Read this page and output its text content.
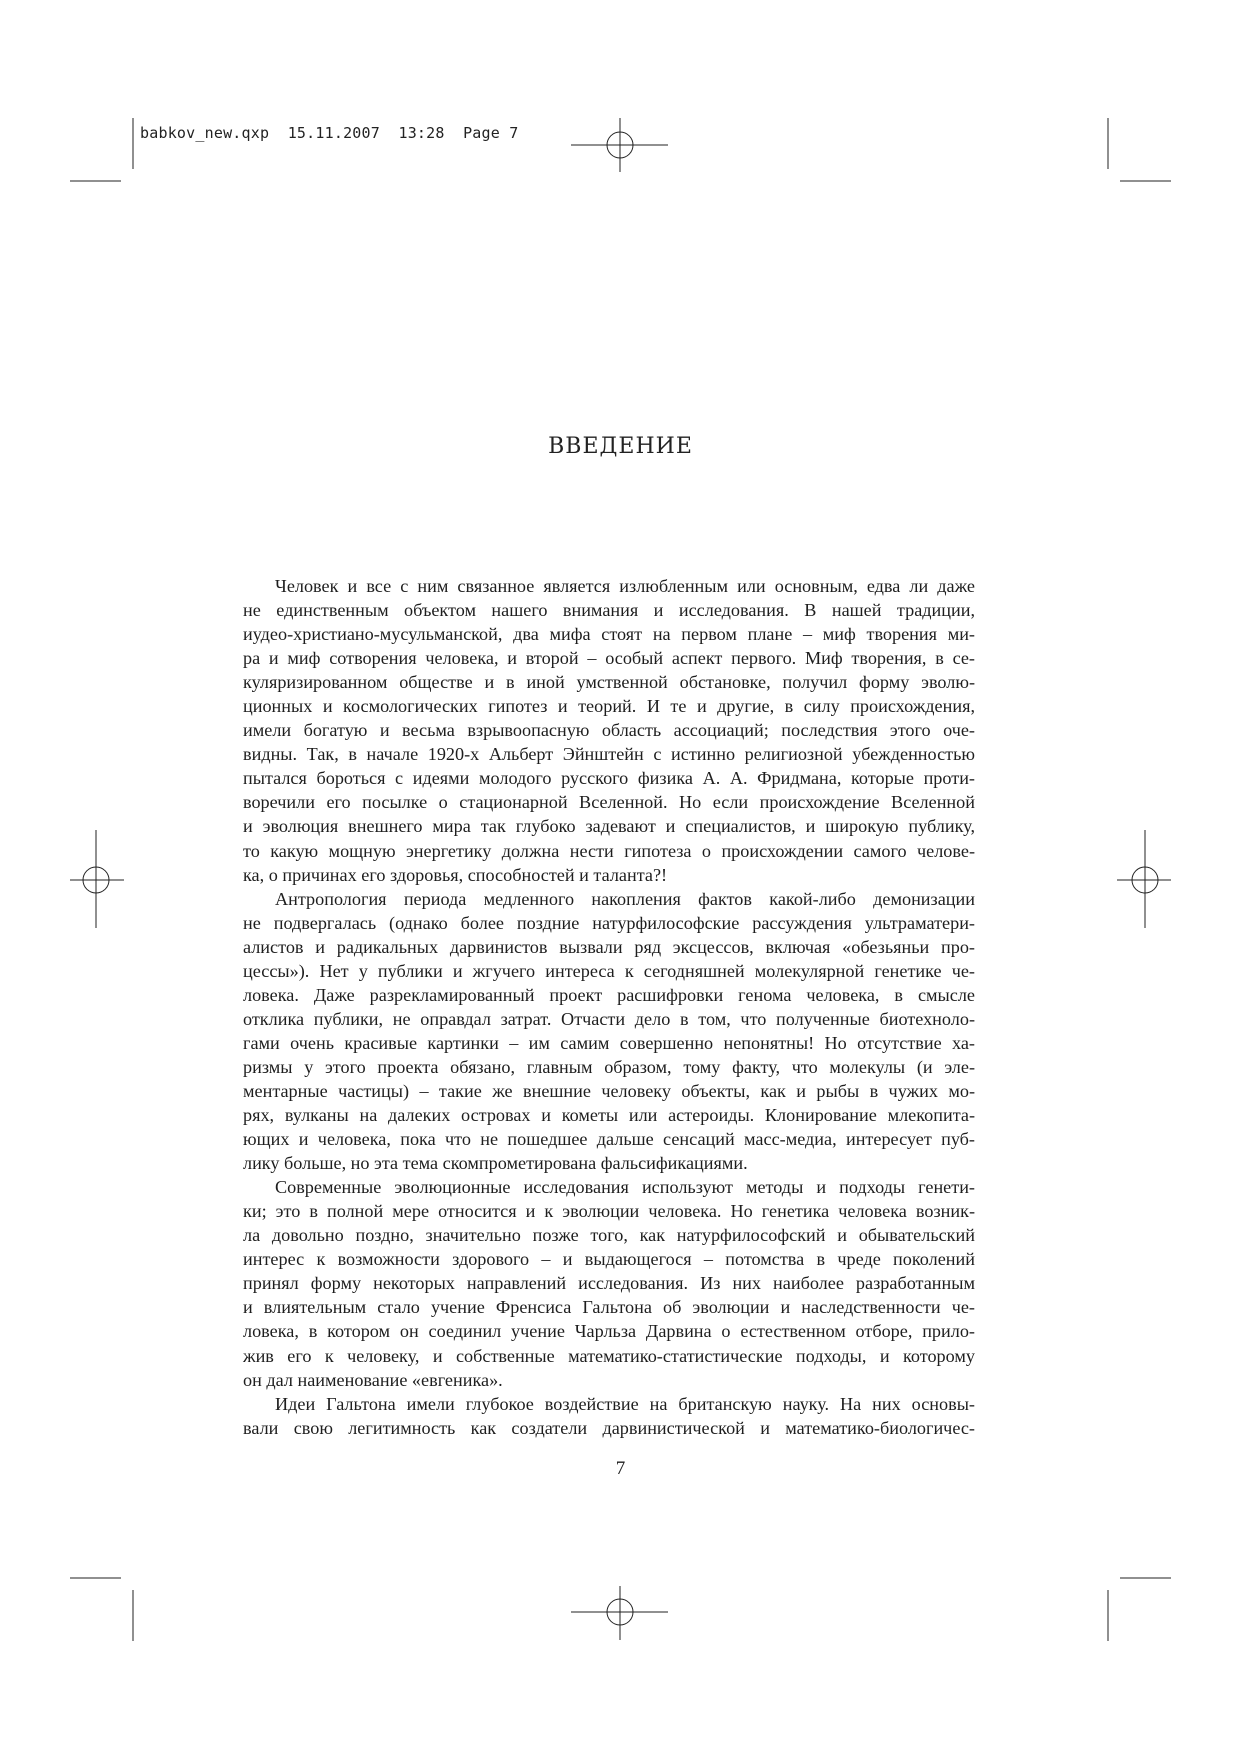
babkov_new.qxp  15.11.2007  13:28  Page 7
ВВЕДЕНИЕ
Человек и все с ним связанное является излюбленным или основным, едва ли даже
не единственным объектом нашего внимания и исследования. В нашей традиции,
иудео-христиано-мусульманской, два мифа стоят на первом плане – миф творения ми-
ра и миф сотворения человека, и второй – особый аспект первого. Миф творения, в се-
куляризированном обществе и в иной умственной обстановке, получил форму эволю-
ционных и космологических гипотез и теорий. И те и другие, в силу происхождения,
имели богатую и весьма взрывоопасную область ассоциаций; последствия этого оче-
видны. Так, в начале 1920-х Альберт Эйнштейн с истинно религиозной убежденностью
пытался бороться с идеями молодого русского физика А. А. Фридмана, которые проти-
воречили его посылке о стационарной Вселенной. Но если происхождение Вселенной
и эволюция внешнего мира так глубоко задевают и специалистов, и широкую публику,
то какую мощную энергетику должна нести гипотеза о происхождении самого челове-
ка, о причинах его здоровья, способностей и таланта?!
Антропология периода медленного накопления фактов какой-либо демонизации
не подвергалась (однако более поздние натурфилософские рассуждения ультраматери-
алистов и радикальных дарвинистов вызвали ряд эксцессов, включая «обезьяньи про-
цессы»). Нет у публики и жгучего интереса к сегодняшней молекулярной генетике че-
ловека. Даже разрекламированный проект расшифровки генома человека, в смысле
отклика публики, не оправдал затрат. Отчасти дело в том, что полученные биотехноло-
гами очень красивые картинки – им самим совершенно непонятны! Но отсутствие ха-
ризмы у этого проекта обязано, главным образом, тому факту, что молекулы (и эле-
ментарные частицы) – такие же внешние человеку объекты, как и рыбы в чужих мо-
рях, вулканы на далеких островах и кометы или астероиды. Клонирование млекопита-
ющих и человека, пока что не пошедшее дальше сенсаций масс-медиа, интересует пуб-
лику больше, но эта тема скомпрометирована фальсификациями.
Современные эволюционные исследования используют методы и подходы генети-
ки; это в полной мере относится и к эволюции человека. Но генетика человека возник-
ла довольно поздно, значительно позже того, как натурфилософский и обывательский
интерес к возможности здорового – и выдающегося – потомства в чреде поколений
принял форму некоторых направлений исследования. Из них наиболее разработанным
и влиятельным стало учение Френсиса Гальтона об эволюции и наследственности че-
ловека, в котором он соединил учение Чарльза Дарвина о естественном отборе, прило-
жив его к человеку, и собственные математико-статистические подходы, и которому
он дал наименование «евгеника».
Идеи Гальтона имели глубокое воздействие на британскую науку. На них основы-
вали свою легитимность как создатели дарвинистической и математико-биологичес-
7
